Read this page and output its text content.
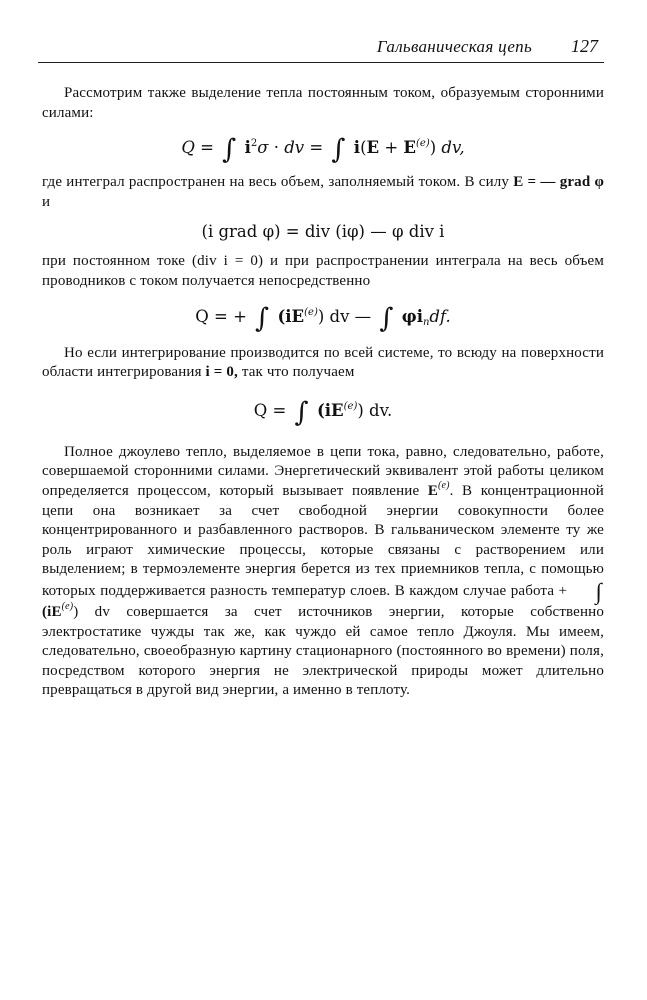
Гальваническая цепь 127

Рассмотрим также выделение тепла постоянным током, образуемым сторонними силами:

Q = ∫ $i^2\sigma$ · dv = ∫ $i(E + E^{(e)})$ dv,

где интеграл распространен на весь объем, заполняемый током. В силу E = — grad φ и

(i grad φ) = div (iφ) — φ div i

при постоянном токе (div i = 0) и при распространении интеграла на весь объем проводников с током получается непосредственно

Q = + ∫ $(iE^{(e)})$ dv — ∫ $\varphi i_ndf$.

Но если интегрирование производится по всей системе, то всюду на поверхности области интегрирования i = 0, так что получаем

Q = ∫ $(iE^{(e)})$ dv.

Полное джоулево тепло, выделяемое в цепи тока, равно, следовательно, работе, совершаемой сторонними силами. Энергетический эквивалент этой работы целиком определяется процессом, который вызывает появление $E^{(e)}$. В концентрационной цепи она возникает за счет свободной энергии совокупности более концентрированного и разбавленного растворов. В гальваническом элементе ту же роль играют химические процессы, которые связаны с растворением или выделением; в термоэлементе энергия берется из тех приемников тепла, с помощью которых поддерживается разность температур слоев. В каждом случае работа + ∫ $(iE^{(e)})$ dv совершается за счет источников энергии, которые собственно электростатике чужды так же, как чуждо ей самое тепло Джоуля. Мы имеем, следовательно, своеобразную картину стационарного (постоянного во времени) поля, посредством которого энергия не электрической природы может длительно превращаться в другой вид энергии, а именно в теплоту.
